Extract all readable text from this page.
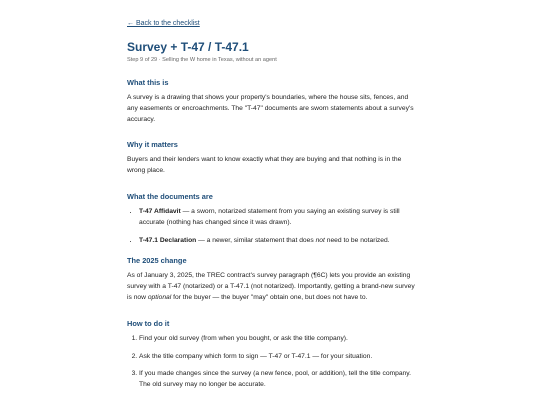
← Back to the checklist
Survey + T-47 / T-47.1
Step 9 of 29 · Selling the W home in Texas, without an agent
What this is

A survey is a drawing that shows your property's boundaries, where the house sits, fences, and any easements or encroachments. The "T-47" documents are sworn statements about a survey's accuracy.

Why it matters

Buyers and their lenders want to know exactly what they are buying and that nothing is in the wrong place.

What the documents are
• T-47 Affidavit — a sworn, notarized statement from you saying an existing survey is still accurate (nothing has changed since it was drawn).
• T-47.1 Declaration — a newer, similar statement that does not need to be notarized.
The 2025 change

As of January 3, 2025, the TREC contract's survey paragraph (¶6C) lets you provide an existing survey with a T-47 (notarized) or a T-47.1 (not notarized). Importantly, getting a brand-new survey is now optional for the buyer — the buyer "may" obtain one, but does not have to.

How to do it
1. Find your old survey (from when you bought, or ask the title company).
2. Ask the title company which form to sign — T-47 or T-47.1 — for your situation.
3. If you made changes since the survey (a new fence, pool, or addition), tell the title company. The old survey may no longer be accurate.
